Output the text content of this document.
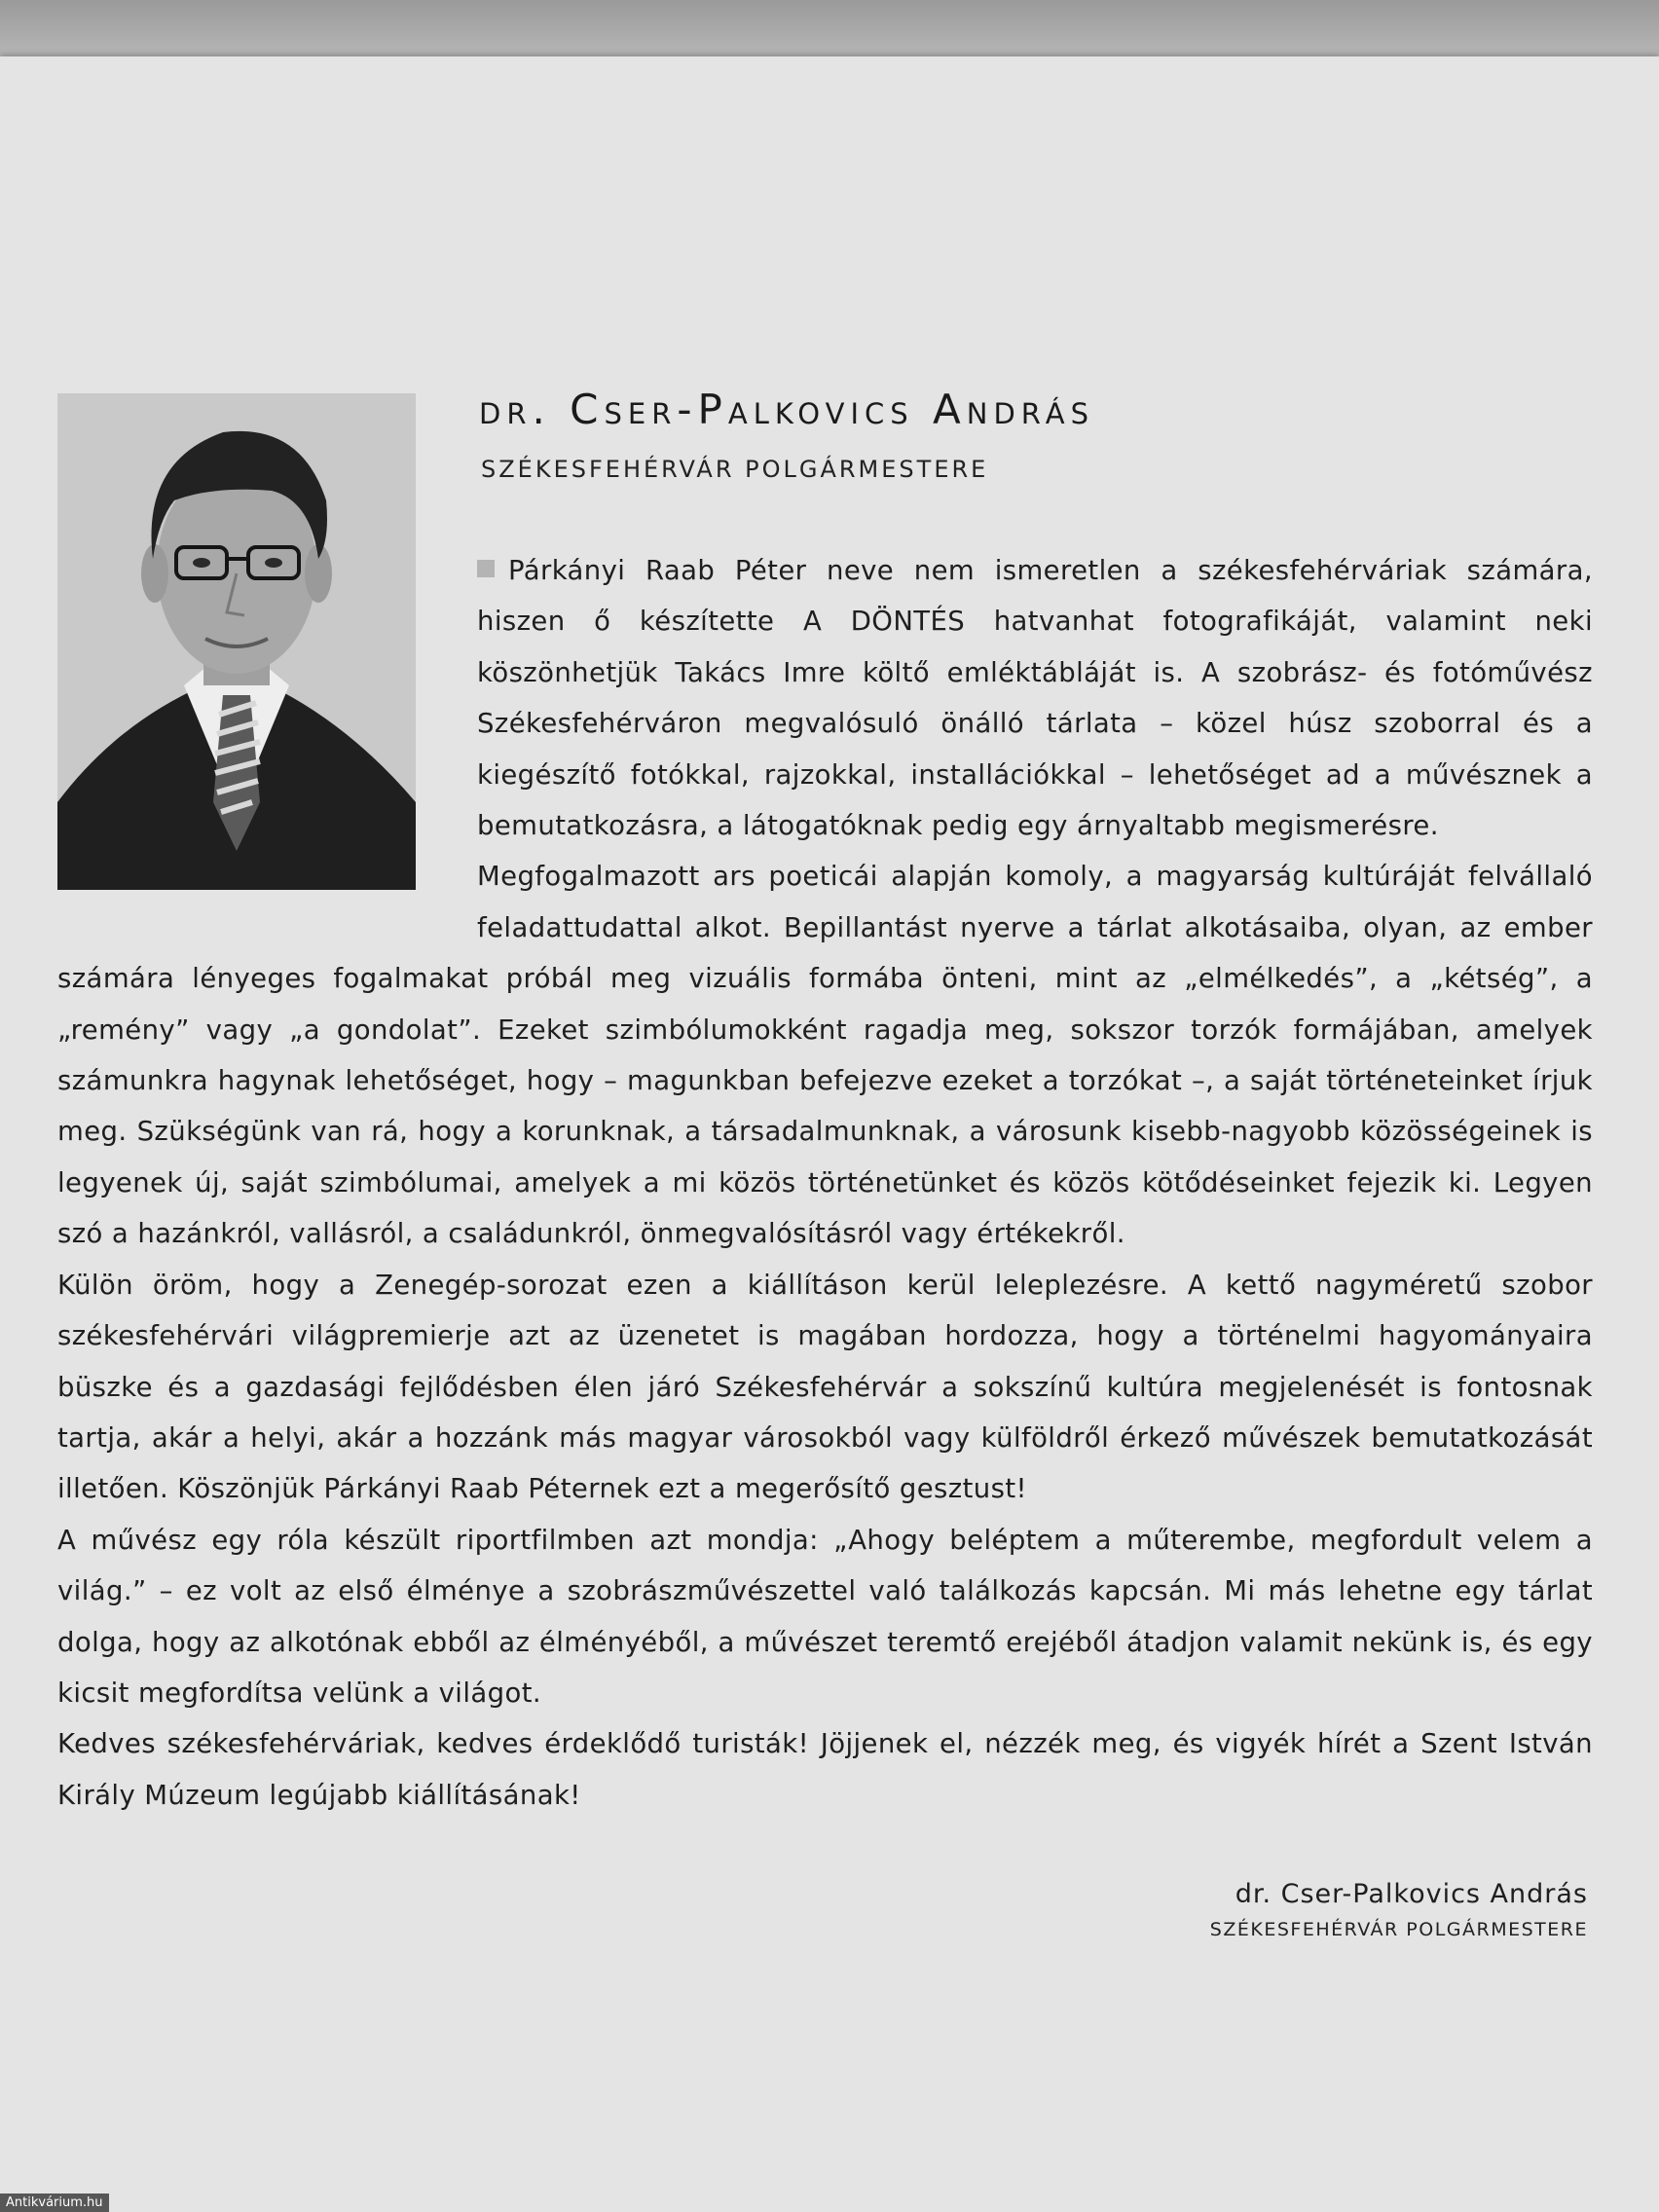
dr. Cser-Palkovics András
SZÉKESFEHÉRVÁR POLGÁRMESTERE

Párkányi Raab Péter neve nem ismeretlen a székesfehérváriak számára, hiszen ő készítette A DÖNTÉS hatvanhat fotografikáját, valamint neki köszönhetjük Takács Imre költő emléktábláját is. A szobrász- és fotóművész Székesfehérváron megvalósuló önálló tárlata – közel húsz szoborral és a kiegészítő fotókkal, rajzokkal, installációkkal – lehetőséget ad a művésznek a bemutatkozásra, a látogatóknak pedig egy árnyaltabb megismerésre.

Megfogalmazott ars poeticái alapján komoly, a magyarság kultúráját felvállaló feladattudattal alkot. Bepillantást nyerve a tárlat alkotásaiba, olyan, az ember számára lényeges fogalmakat próbál meg vizuális formába önteni, mint az „elmélkedés”, a „kétség”, a „remény” vagy „a gondolat”. Ezeket szimbólumokként ragadja meg, sokszor torzók formájában, amelyek számunkra hagynak lehetőséget, hogy – magunkban befejezve ezeket a torzókat –, a saját történeteinket írjuk meg. Szükségünk van rá, hogy a korunknak, a társadalmunknak, a városunk kisebb-nagyobb közösségeinek is legyenek új, saját szimbólumai, amelyek a mi közös történetünket és közös kötődéseinket fejezik ki. Legyen szó a hazánkról, vallásról, a családunkról, önmegvalósításról vagy értékekről.

Külön öröm, hogy a Zenegép-sorozat ezen a kiállításon kerül leleplezésre. A kettő nagyméretű szobor székesfehérvári világpremierje azt az üzenetet is magában hordozza, hogy a történelmi hagyományaira büszke és a gazdasági fejlődésben élen járó Székesfehérvár a sokszínű kultúra megjelenését is fontosnak tartja, akár a helyi, akár a hozzánk más magyar városokból vagy külföldről érkező művészek bemutatkozását illetően. Köszönjük Párkányi Raab Péternek ezt a megerősítő gesztust!

A művész egy róla készült riportfilmben azt mondja: „Ahogy beléptem a műterembe, megfordult velem a világ.” – ez volt az első élménye a szobrászművészettel való találkozás kapcsán. Mi más lehetne egy tárlat dolga, hogy az alkotónak ebből az élményéből, a művészet teremtő erejéből átadjon valamit nekünk is, és egy kicsit megfordítsa velünk a világot.

Kedves székesfehérváriak, kedves érdeklődő turisták! Jöjjenek el, nézzék meg, és vigyék hírét a Szent István Király Múzeum legújabb kiállításának!

dr. Cser-Palkovics András
SZÉKESFEHÉRVÁR POLGÁRMESTERE
Antikvárium.hu
